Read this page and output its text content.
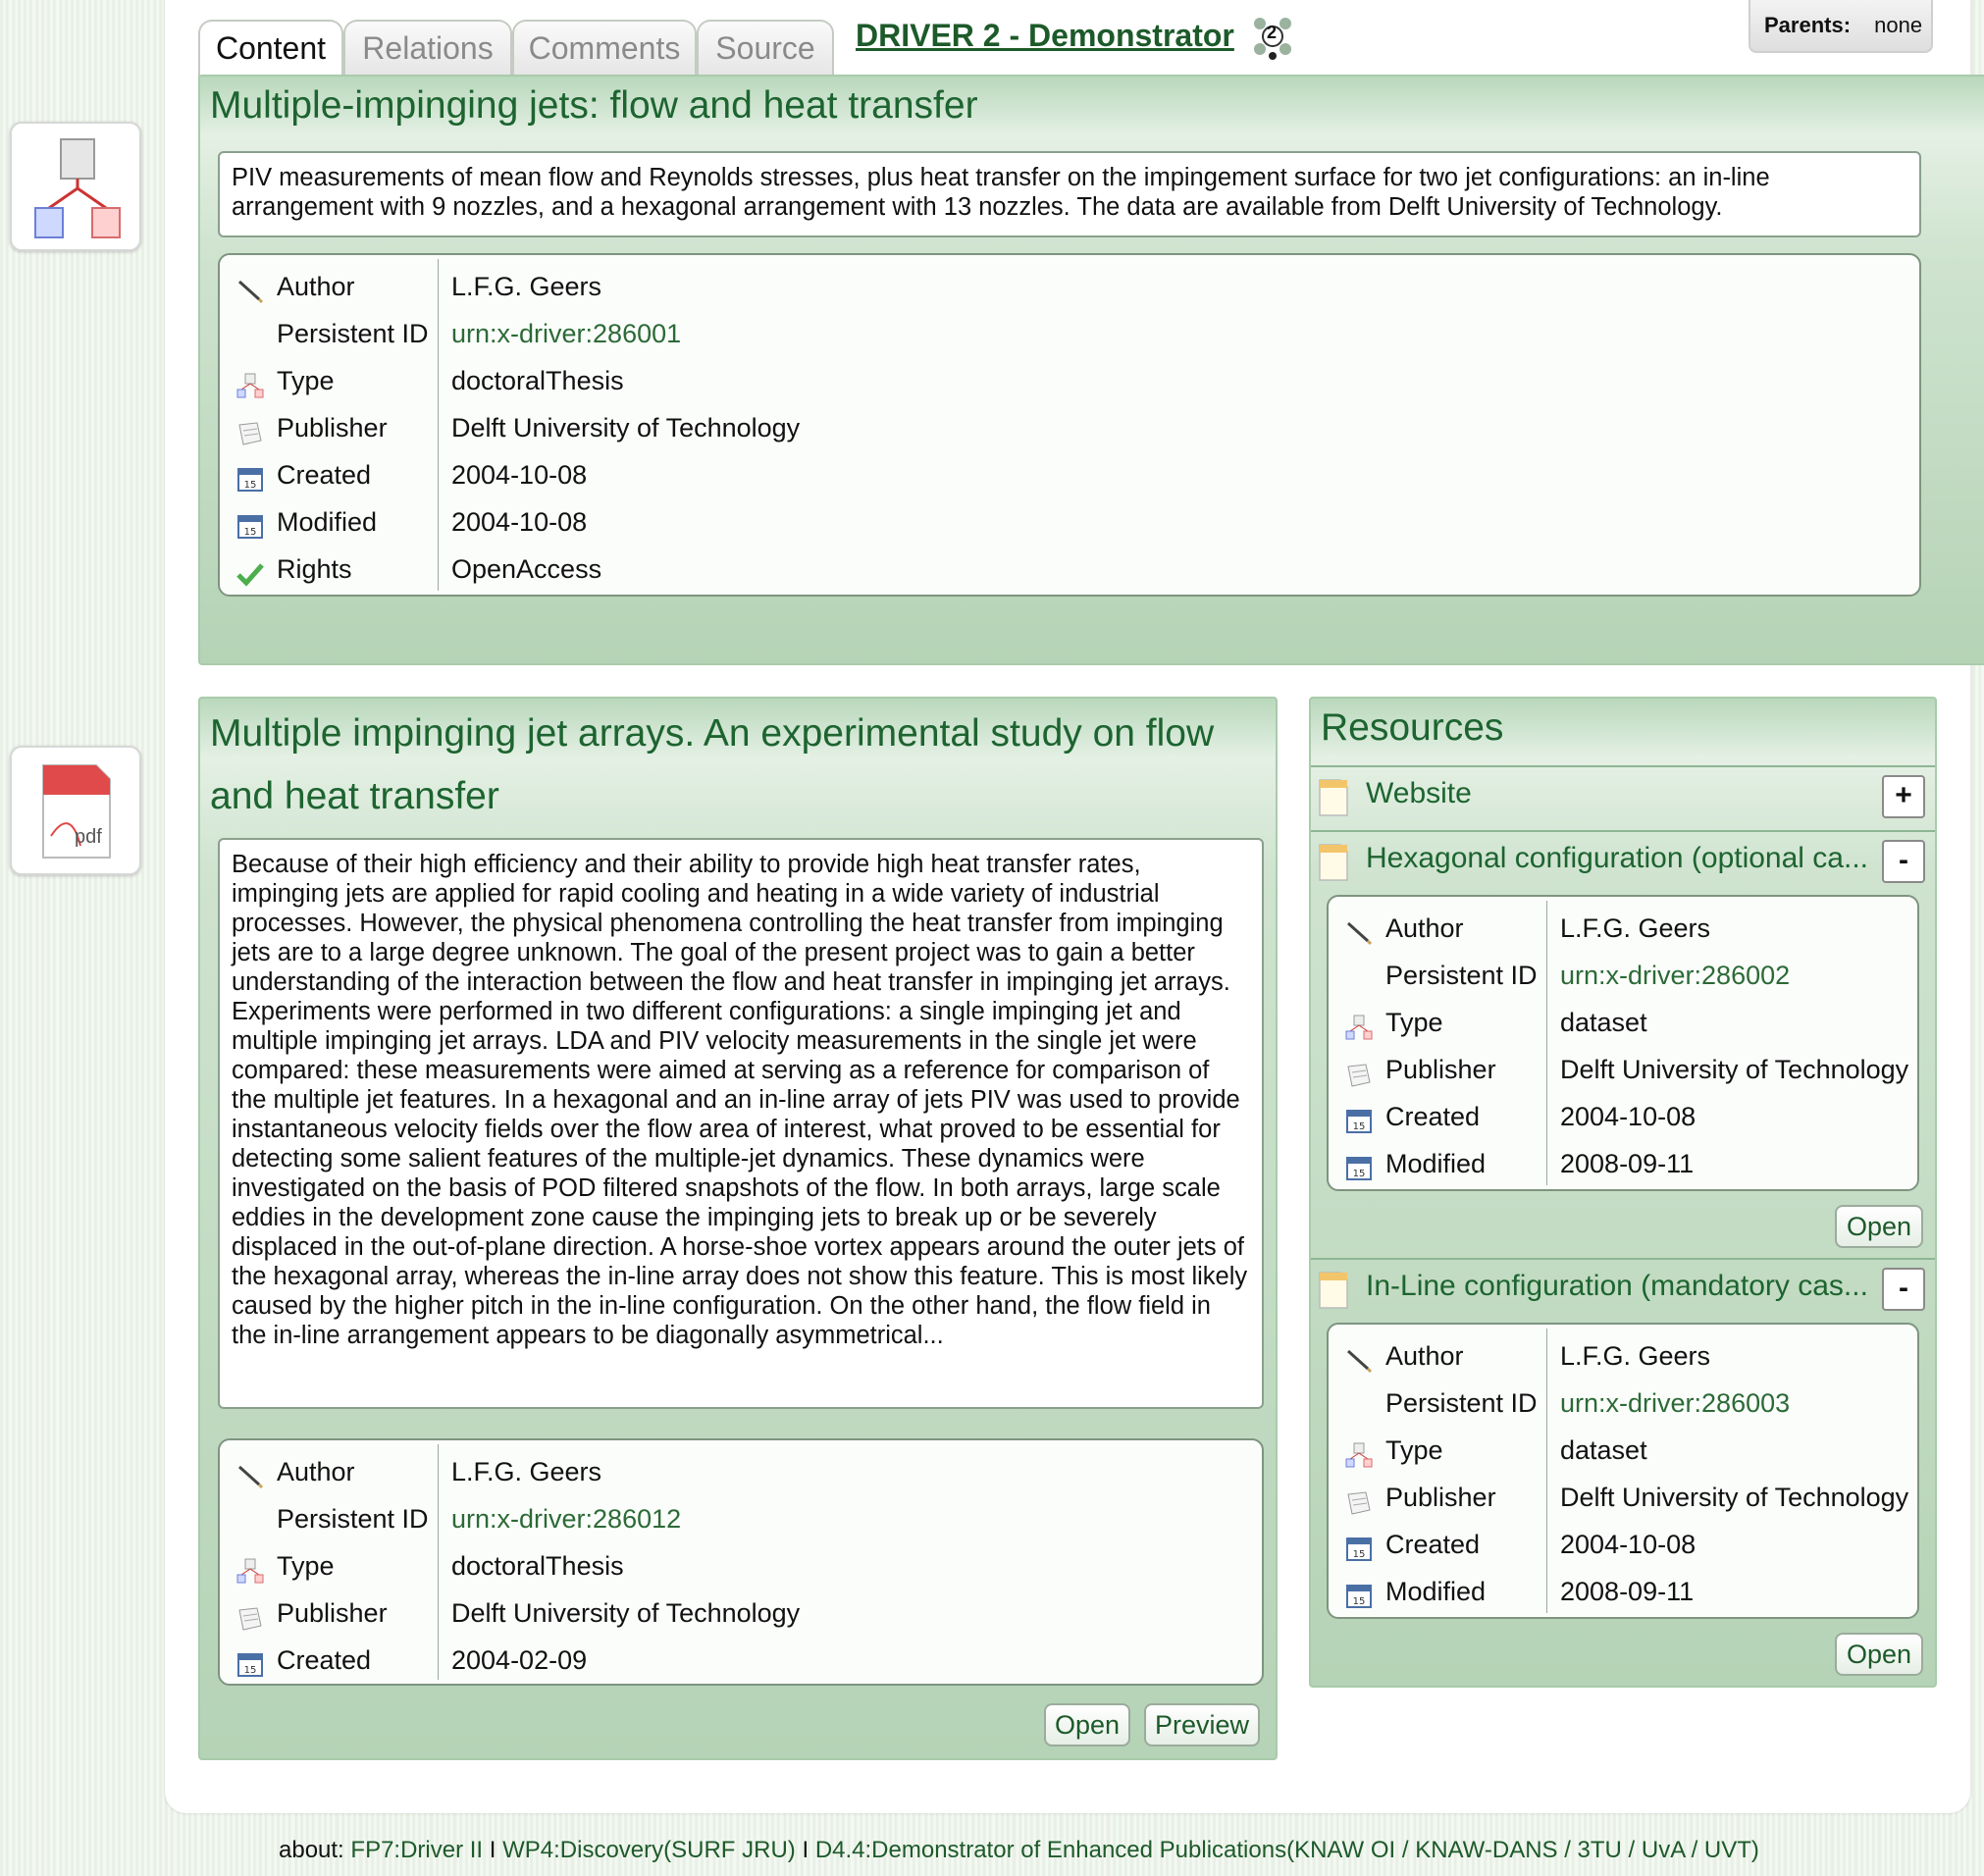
pdf
Content	Relations	Comments	Source	DRIVER 2 - Demonstrator 2	Parents: none
Multiple-impinging jets: flow and heat transfer
PIV measurements of mean flow and Reynolds stresses, plus heat transfer on the impingement surface for two jet configurations: an in-line arrangement with 9 nozzles, and a hexagonal arrangement with 13 nozzles. The data are available from Delft University of Technology.
Author	L.F.G. Geers
Persistent ID urn:x-driver:286001
Type	doctoralThesis
Publisher Delft University of Technology
15 Created	2004-10-08
15 Modified	2004-10-08
Rights	OpenAccess
Multiple impinging jet arrays. An experimental study on flow
and heat transfer
Because of their high efficiency and their ability to provide high heat transfer rates, impinging jets are applied for rapid cooling and heating in a wide variety of industrial processes. However, the physical phenomena controlling the heat transfer from impinging jets are to a large degree unknown. The goal of the present project was to gain a better understanding of the interaction between the flow and heat transfer in impinging jet arrays. Experiments were performed in two different configurations: a single impinging jet and multiple impinging jet arrays. LDA and PIV velocity measurements in the single jet were compared: these measurements were aimed at serving as a reference for comparison of the multiple jet features. In a hexagonal and an in-line array of jets PIV was used to provide instantaneous velocity fields over the flow area of interest, what proved to be essential for detecting some salient features of the multiple-jet dynamics. These dynamics were investigated on the basis of POD filtered snapshots of the flow. In both arrays, large scale eddies in the development zone cause the impinging jets to break up or be severely displaced in the out-of-plane direction. A horse-shoe vortex appears around the outer jets of the hexagonal array, whereas the in-line array does not show this feature. This is most likely caused by the higher pitch in the in-line configuration. On the other hand, the flow field in the in-line arrangement appears to be diagonally asymmetrical...
Author	L.F.G. Geers
Persistent ID urn:x-driver:286012
Type	doctoralThesis
Publisher Delft University of Technology
15 Created	2004-02-09
Open	Preview
Resources
Website	+
Hexagonal configuration (optional ca...	-
Author	L.F.G. Geers
Persistent ID urn:x-driver:286002
Type	dataset
Publisher Delft University of Technology
15 Created	2004-10-08
15 Modified	2008-09-11
Open
In-Line configuration (mandatory cas...	-
Author	L.F.G. Geers
Persistent ID urn:x-driver:286003
Type	dataset
Publisher Delft University of Technology
15 Created	2004-10-08
15 Modified	2008-09-11
Open
about: FP7:Driver II I WP4:Discovery(SURF JRU) I D4.4:Demonstrator of Enhanced Publications(KNAW OI / KNAW-DANS / 3TU / UvA / UVT)
